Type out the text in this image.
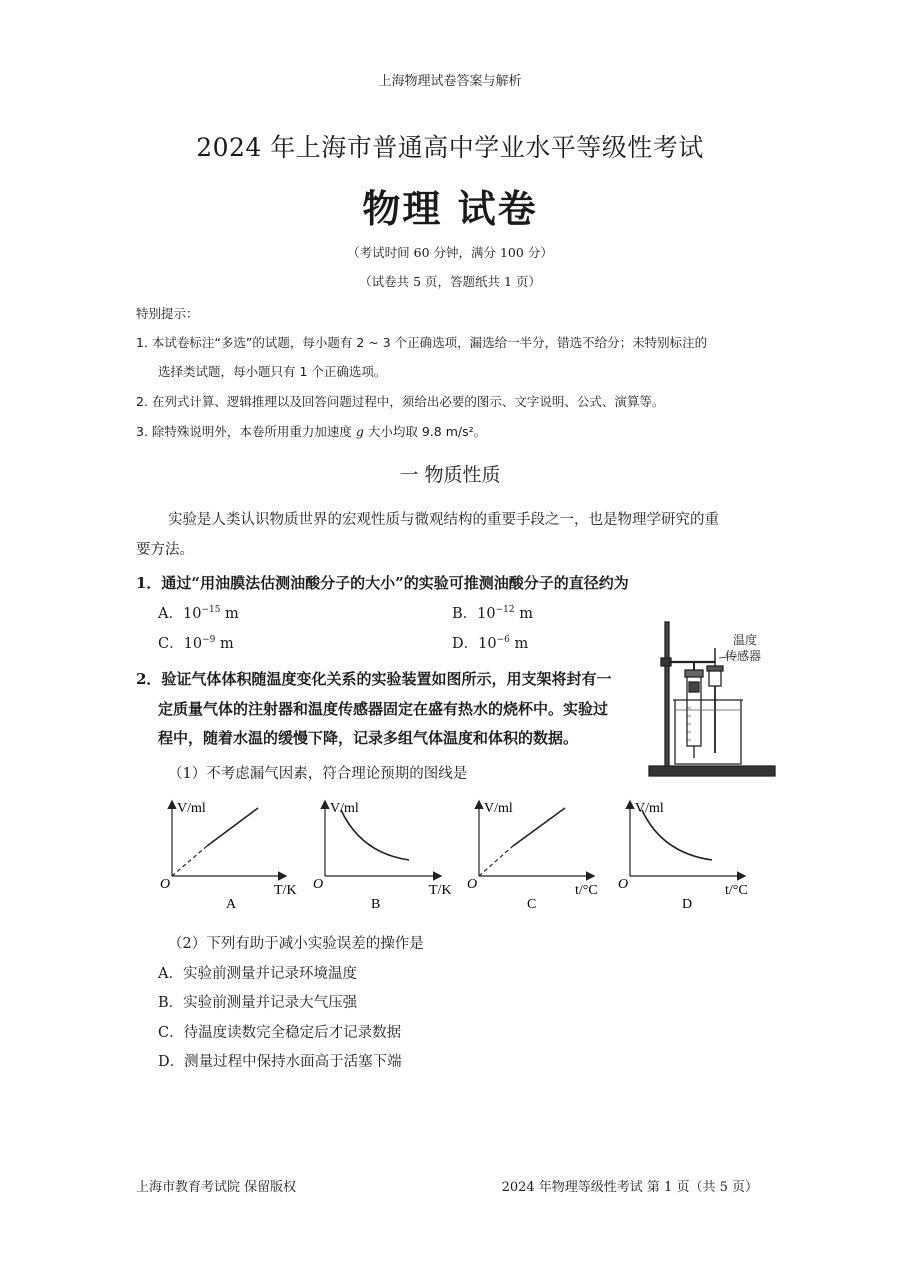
上海物理试卷答案与解析
2024 年上海市普通高中学业水平等级性考试
物理 试卷
（考试时间 60 分钟，满分 100 分）
（试卷共 5 页，答题纸共 1 页）
特别提示：
1. 本试卷标注“多选”的试题，每小题有 2 ~ 3 个正确选项，漏选给一半分，错选不给分；未特别标注的
选择类试题，每小题只有 1 个正确选项。
2. 在列式计算、逻辑推理以及回答问题过程中，须给出必要的图示、文字说明、公式、演算等。
3. 除特殊说明外，本卷所用重力加速度 g 大小均取 9.8 m/s²。
一 物质性质
实验是人类认识物质世界的宏观性质与微观结构的重要手段之一，也是物理学研究的重
要方法。
1．通过“用油膜法估测油酸分子的大小”的实验可推测油酸分子的直径约为
A．$10^{-15}$ m	B．$10^{-12}$ m
C．$10^{-9}$ m	D．$10^{-6}$ m
2．验证气体体积随温度变化关系的实验装置如图所示，用支架将封有一
定质量气体的注射器和温度传感器固定在盛有热水的烧杯中。实验过
程中，随着水温的缓慢下降，记录多组气体温度和体积的数据。
温度
传感器
（1）不考虑漏气因素，符合理论预期的图线是
V/ml
O	T/K
A
V/ml
O	T/K
B
V/ml
O	t/°C
C
V/ml
O	t/°C
D
（2）下列有助于减小实验误差的操作是
A．实验前测量并记录环境温度
B．实验前测量并记录大气压强
C．待温度读数完全稳定后才记录数据
D．测量过程中保持水面高于活塞下端
上海市教育考试院 保留版权	2024 年物理等级性考试 第 1 页（共 5 页）
